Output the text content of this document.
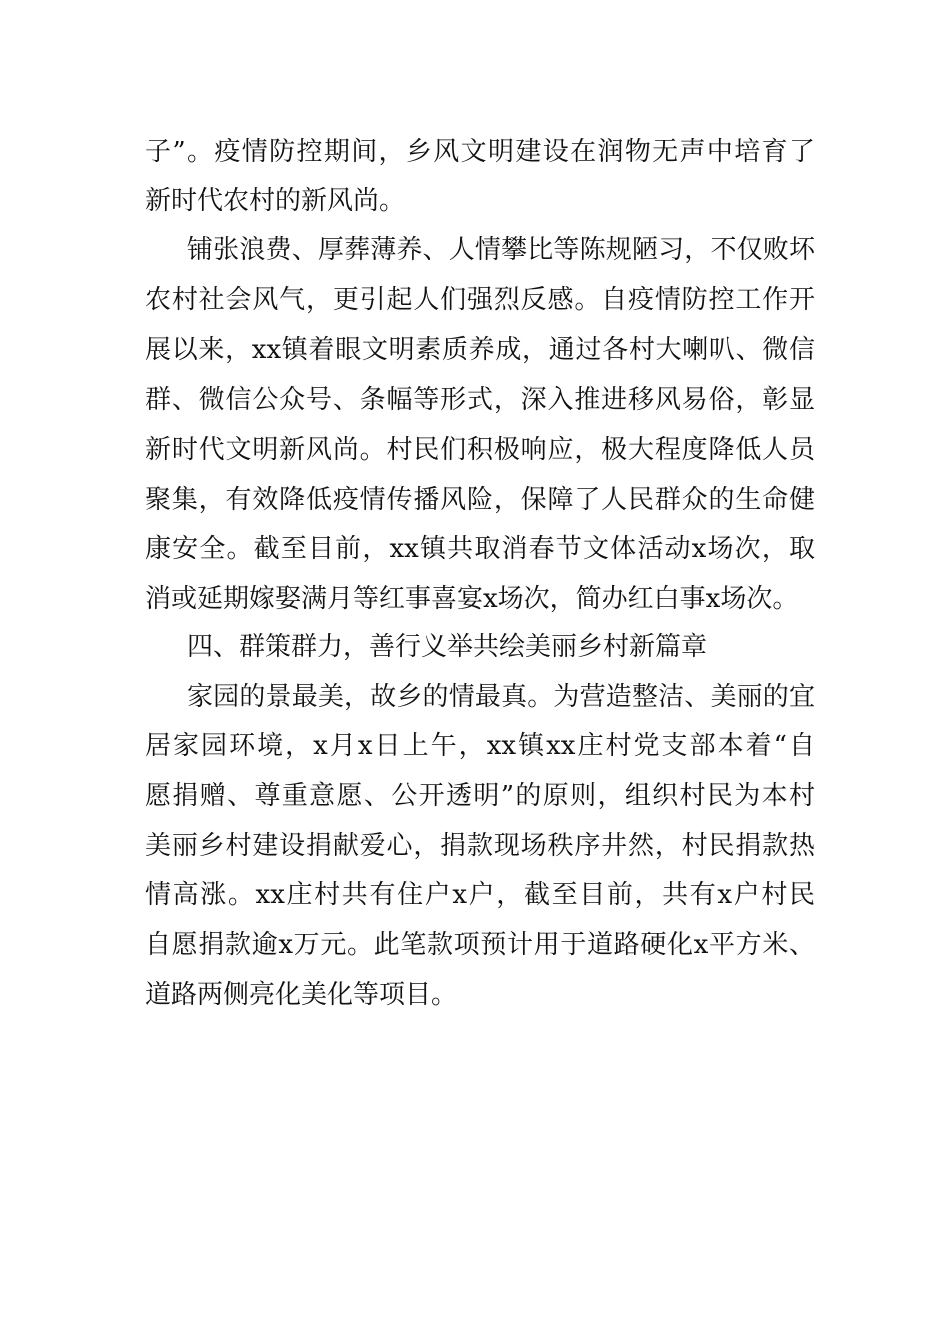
子”。疫情防控期间，乡风文明建设在润物无声中培育了
新时代农村的新风尚。
铺张浪费、厚葬薄养、人情攀比等陈规陋习，不仅败坏
农村社会风气，更引起人们强烈反感。自疫情防控工作开
展以来，xx镇着眼文明素质养成，通过各村大喇叭、微信
群、微信公众号、条幅等形式，深入推进移风易俗，彰显
新时代文明新风尚。村民们积极响应，极大程度降低人员
聚集，有效降低疫情传播风险，保障了人民群众的生命健
康安全。截至目前，xx镇共取消春节文体活动x场次，取
消或延期嫁娶满月等红事喜宴x场次，简办红白事x场次。
四、群策群力，善行义举共绘美丽乡村新篇章
家园的景最美，故乡的情最真。为营造整洁、美丽的宜
居家园环境，x月x日上午，xx镇xx庄村党支部本着“自
愿捐赠、尊重意愿、公开透明”的原则，组织村民为本村
美丽乡村建设捐献爱心，捐款现场秩序井然，村民捐款热
情高涨。xx庄村共有住户x户，截至目前，共有x户村民
自愿捐款逾x万元。此笔款项预计用于道路硬化x平方米、
道路两侧亮化美化等项目。
